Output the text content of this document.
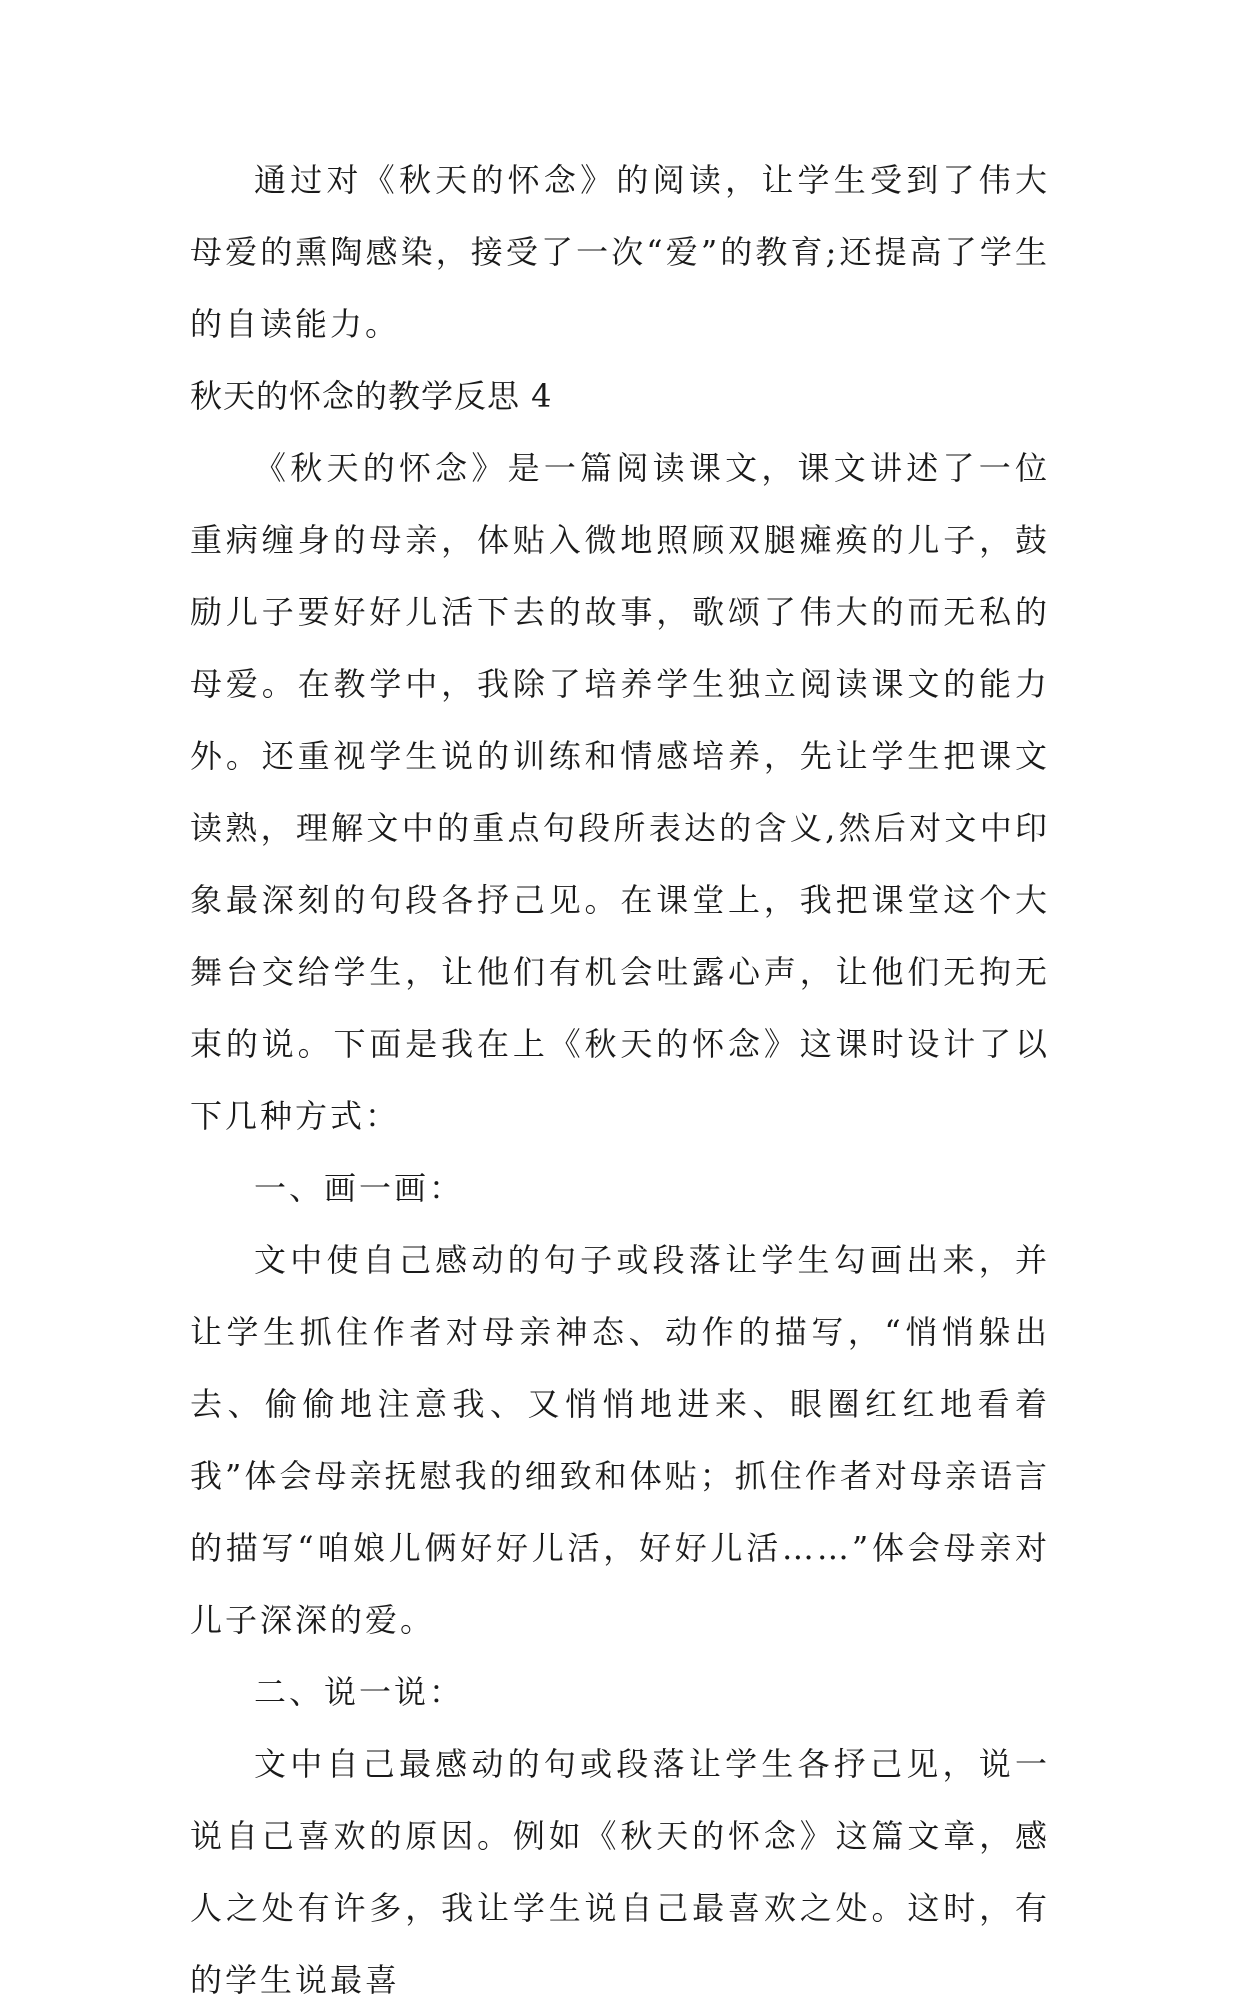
通过对《秋天的怀念》的阅读，让学生受到了伟大母爱的熏陶感染，接受了一次“爱”的教育;还提高了学生的自读能力。

秋天的怀念的教学反思 4

《秋天的怀念》是一篇阅读课文，课文讲述了一位重病缠身的母亲，体贴入微地照顾双腿瘫痪的儿子，鼓励儿子要好好儿活下去的故事，歌颂了伟大的而无私的母爱。在教学中，我除了培养学生独立阅读课文的能力外。还重视学生说的训练和情感培养，先让学生把课文读熟，理解文中的重点句段所表达的含义,然后对文中印象最深刻的句段各抒己见。在课堂上，我把课堂这个大舞台交给学生，让他们有机会吐露心声，让他们无拘无束的说。下面是我在上《秋天的怀念》这课时设计了以下几种方式：

一、画一画：

文中使自己感动的句子或段落让学生勾画出来，并让学生抓住作者对母亲神态、动作的描写，“悄悄躲出去、偷偷地注意我、又悄悄地进来、眼圈红红地看着我”体会母亲抚慰我的细致和体贴；抓住作者对母亲语言的描写“咱娘儿俩好好儿活，好好儿活……”体会母亲对儿子深深的爱。

二、说一说：

文中自己最感动的句或段落让学生各抒己见，说一说自己喜欢的原因。例如《秋天的怀念》这篇文章，感人之处有许多，我让学生说自己最喜欢之处。这时，有的学生说最喜
